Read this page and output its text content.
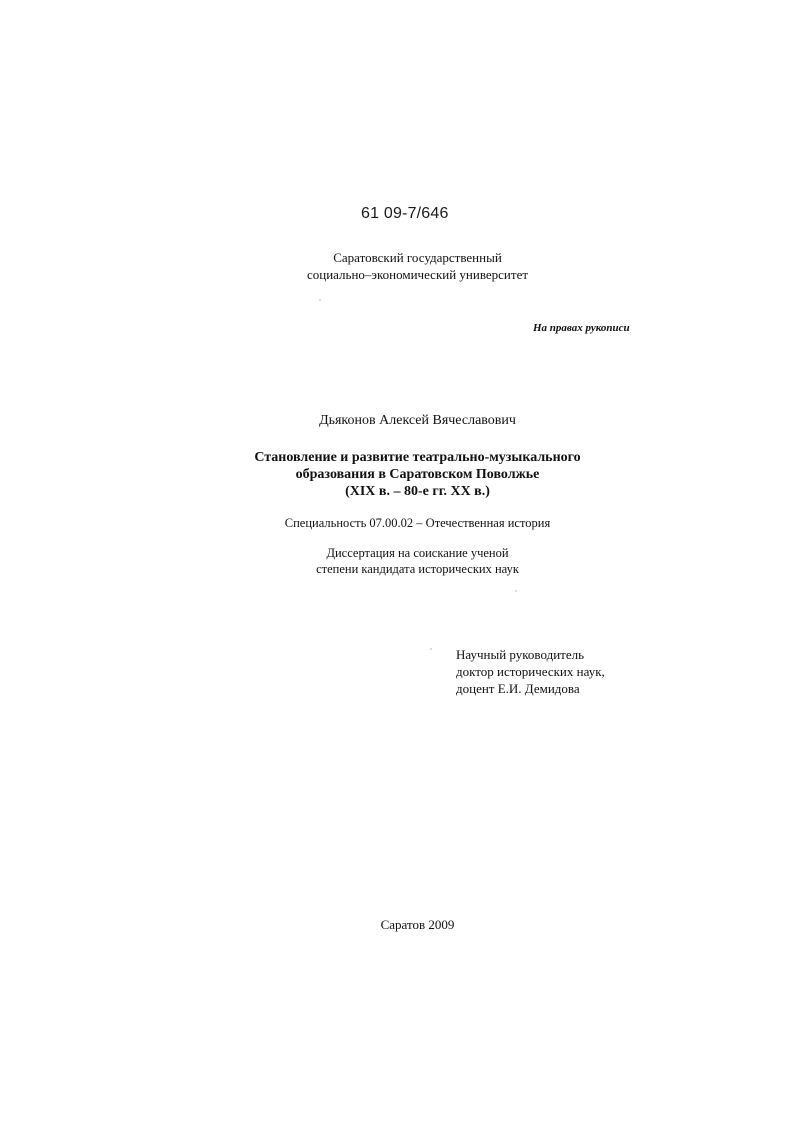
61 09-7/646
Саратовский государственный
социально–экономический университет
На правах рукописи
Дьяконов Алексей Вячеславович
Становление и развитие театрально-музыкального
образования в Саратовском Поволжье
(XIX в. – 80-е гг. XX в.)
Специальность 07.00.02 – Отечественная история
Диссертация на соискание ученой
степени кандидата исторических наук
Научный руководитель
доктор исторических наук,
доцент Е.И. Демидова
Саратов 2009
